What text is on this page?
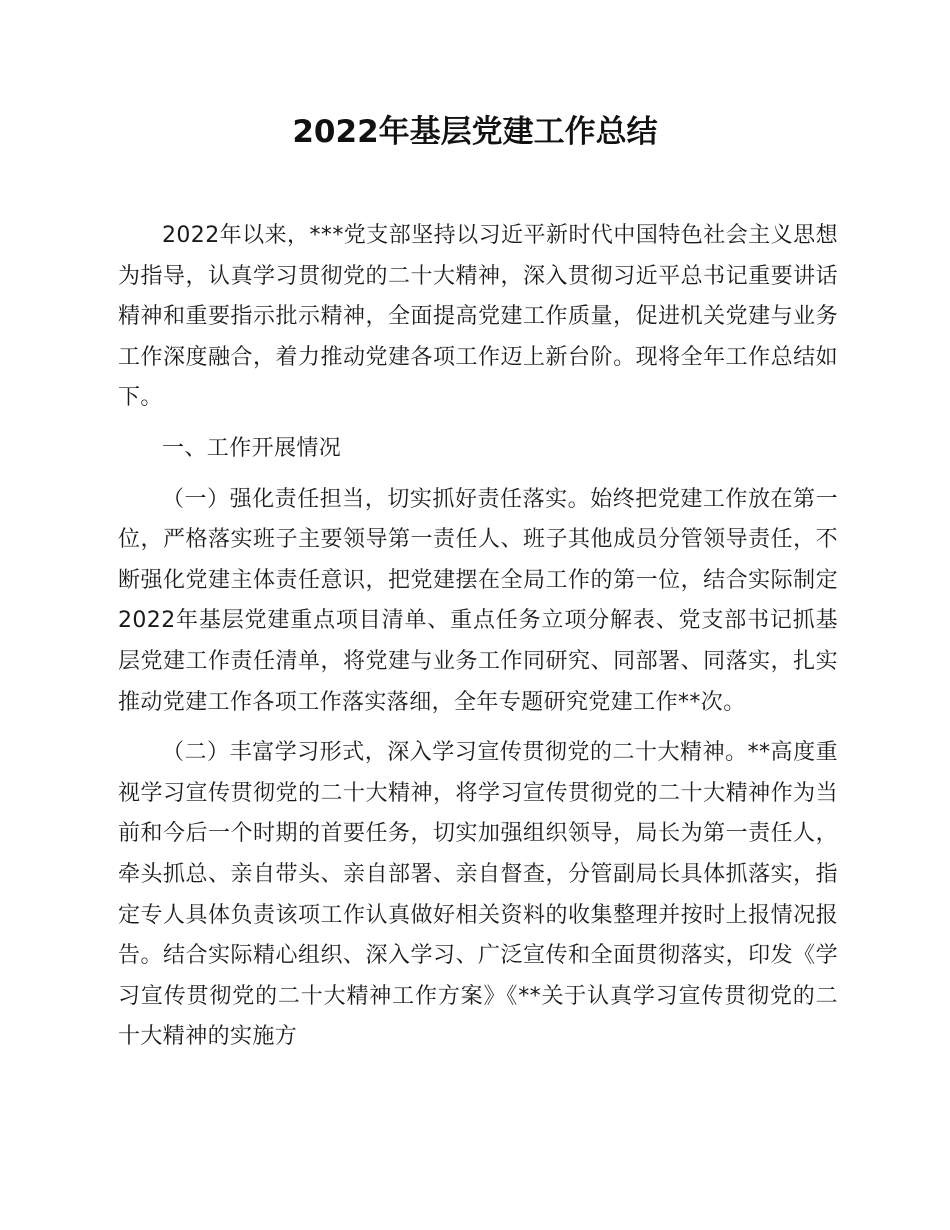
2022年基层党建工作总结

2022年以来，***党支部坚持以习近平新时代中国特色社会主义思想为指导，认真学习贯彻党的二十大精神，深入贯彻习近平总书记重要讲话精神和重要指示批示精神，全面提高党建工作质量，促进机关党建与业务工作深度融合，着力推动党建各项工作迈上新台阶。现将全年工作总结如下。

一、工作开展情况

（一）强化责任担当，切实抓好责任落实。始终把党建工作放在第一位，严格落实班子主要领导第一责任人、班子其他成员分管领导责任，不断强化党建主体责任意识，把党建摆在全局工作的第一位，结合实际制定2022年基层党建重点项目清单、重点任务立项分解表、党支部书记抓基层党建工作责任清单，将党建与业务工作同研究、同部署、同落实，扎实推动党建工作各项工作落实落细，全年专题研究党建工作**次。

（二）丰富学习形式，深入学习宣传贯彻党的二十大精神。**高度重视学习宣传贯彻党的二十大精神，将学习宣传贯彻党的二十大精神作为当前和今后一个时期的首要任务，切实加强组织领导，局长为第一责任人，牵头抓总、亲自带头、亲自部署、亲自督查，分管副局长具体抓落实，指定专人具体负责该项工作认真做好相关资料的收集整理并按时上报情况报告。结合实际精心组织、深入学习、广泛宣传和全面贯彻落实，印发《学习宣传贯彻党的二十大精神工作方案》《**关于认真学习宣传贯彻党的二十大精神的实施方
